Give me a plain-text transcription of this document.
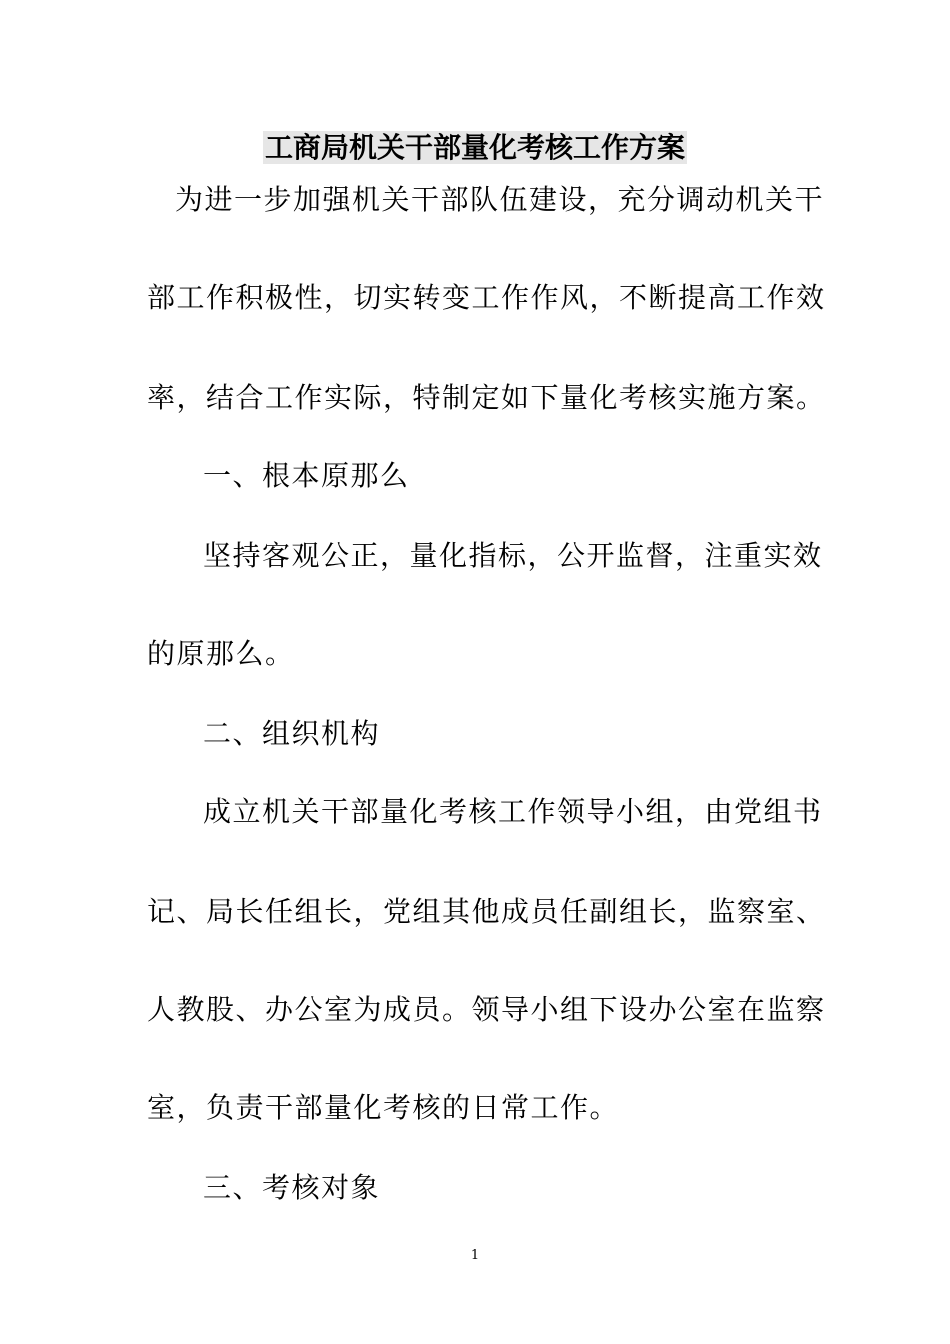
工商局机关干部量化考核工作方案
为进一步加强机关干部队伍建设，充分调动机关干
部工作积极性，切实转变工作作风，不断提高工作效
率，结合工作实际，特制定如下量化考核实施方案。
一、根本原那么
坚持客观公正，量化指标，公开监督，注重实效
的原那么。
二、组织机构
成立机关干部量化考核工作领导小组，由党组书
记、局长任组长，党组其他成员任副组长，监察室、
人教股、办公室为成员。领导小组下设办公室在监察
室，负责干部量化考核的日常工作。
三、考核对象
1
